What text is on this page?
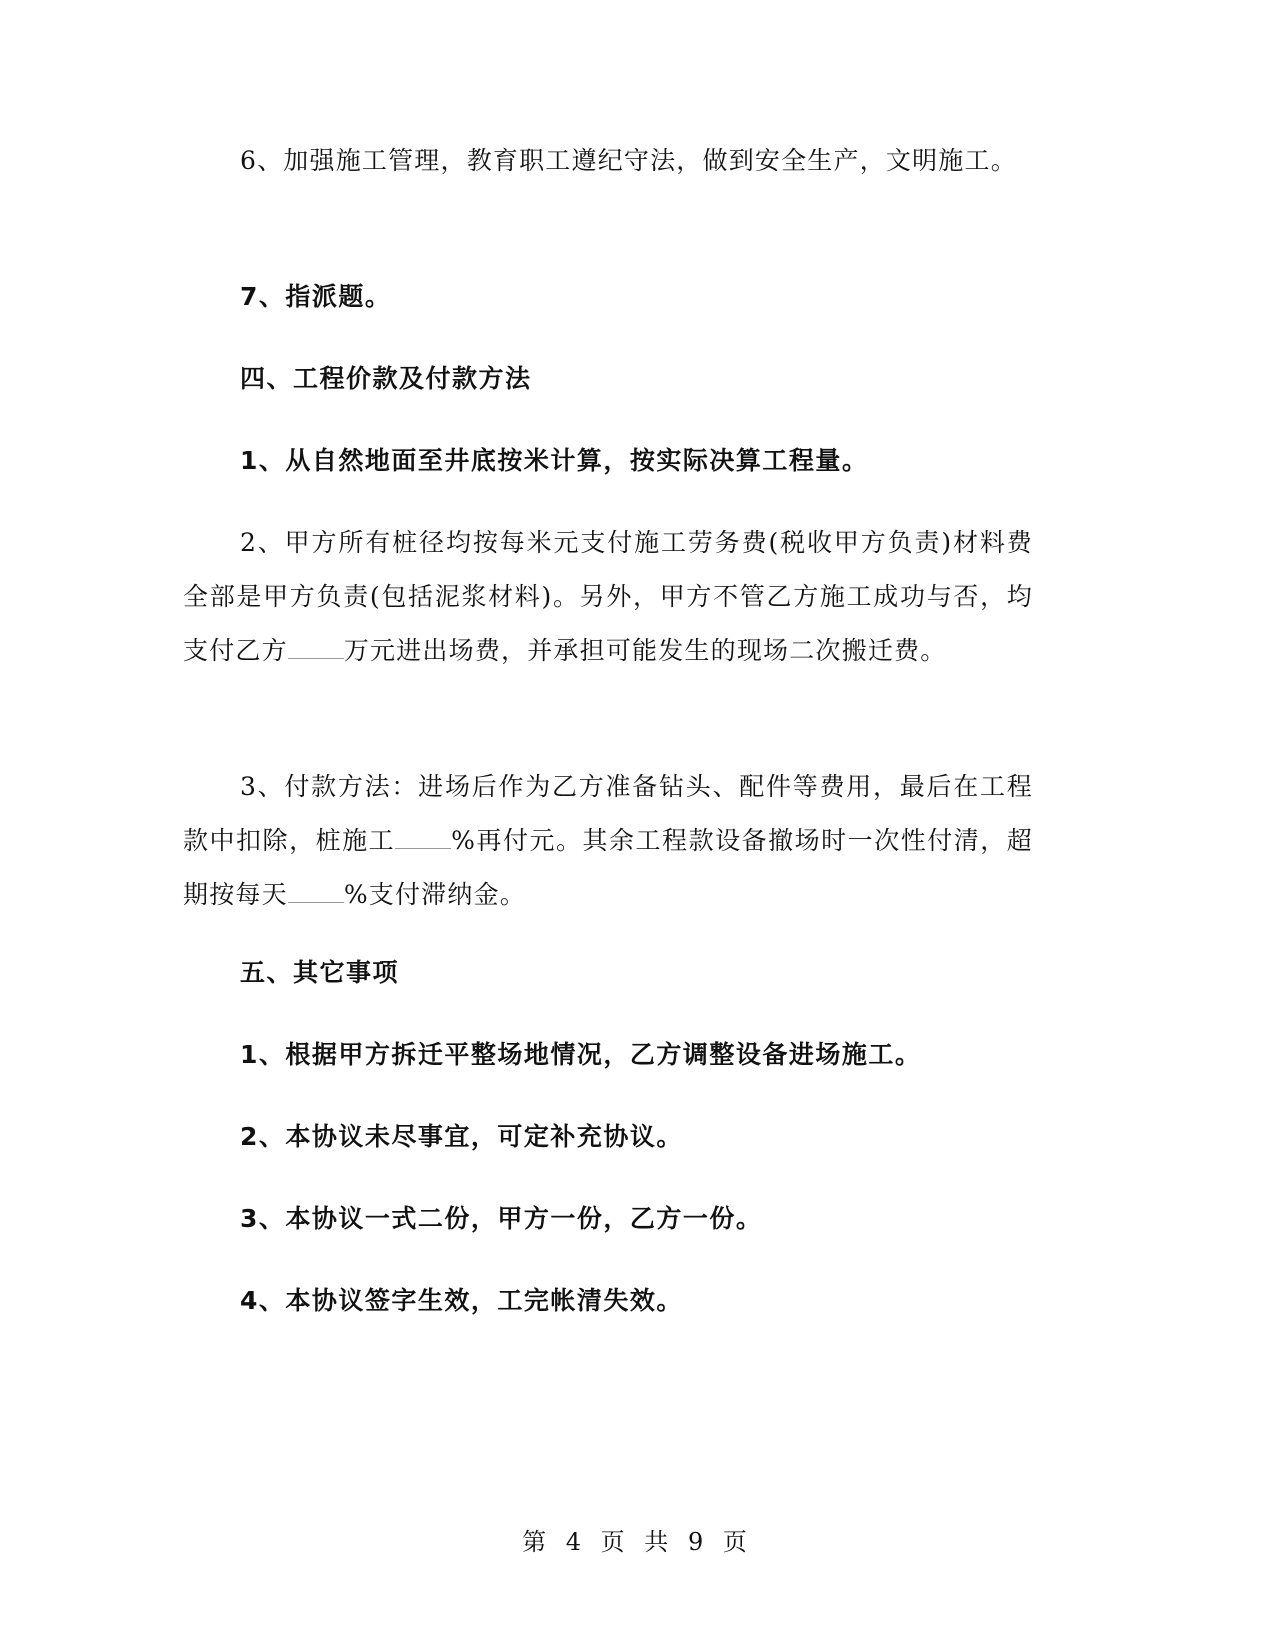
6、加强施工管理，教育职工遵纪守法，做到安全生产，文明施工。
7、指派题。
四、工程价款及付款方法
1、从自然地面至井底按米计算，按实际决算工程量。
2、甲方所有桩径均按每米元支付施工劳务费(税收甲方负责)材料费全部是甲方负责(包括泥浆材料)。另外，甲方不管乙方施工成功与否，均支付乙方 万元进出场费，并承担可能发生的现场二次搬迁费。
3、付款方法：进场后作为乙方准备钻头、配件等费用，最后在工程款中扣除，桩施工 %再付元。其余工程款设备撤场时一次性付清，超期按每天 %支付滞纳金。
五、其它事项
1、根据甲方拆迁平整场地情况，乙方调整设备进场施工。
2、本协议未尽事宜，可定补充协议。
3、本协议一式二份，甲方一份，乙方一份。
4、本协议签字生效，工完帐清失效。
第 4 页 共 9 页
